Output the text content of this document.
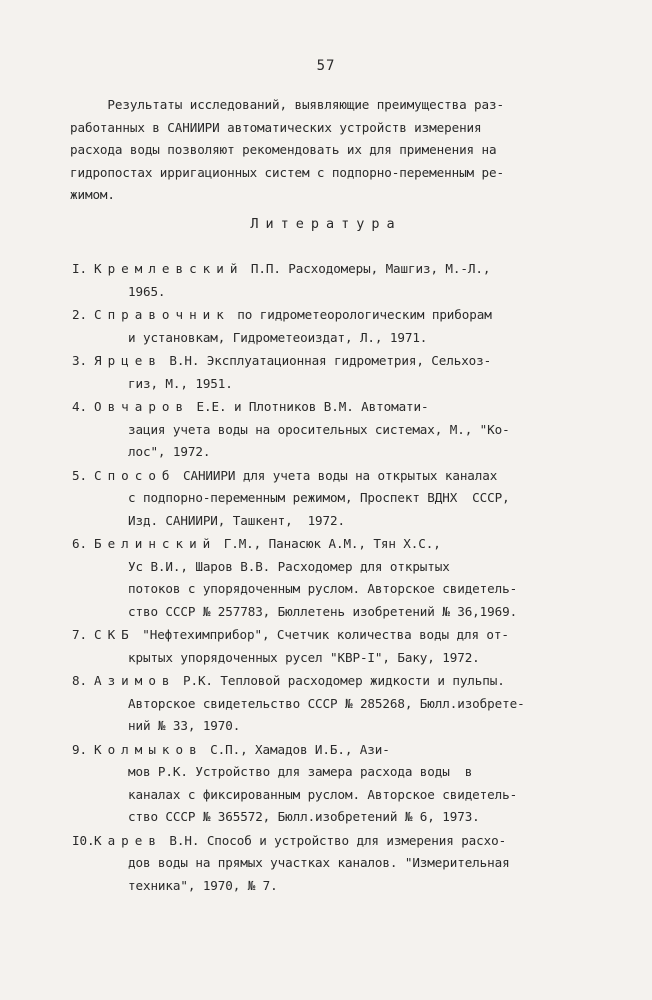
57
Результаты исследований, выявляющие преимущества раз-
работанных в САНИИРИ автоматических устройств измерения
расхода воды позволяют рекомендовать их для применения на
гидропостах ирригационных систем с подпорно-переменным ре-
жимом.
Литература
I. Кремлевский П.П. Расходомеры, Машгиз, М.-Л.,
1965.
2. Справочник по гидрометеорологическим приборам
и установкам, Гидрометеоиздат, Л., 1971.
3. Ярцев В.Н. Эксплуатационная гидрометрия, Сельхоз-
гиз, М., 1951.
4. Овчаров Е.Е. и Плотников В.М. Автомати-
зация учета воды на оросительных системах, М., "Ко-
лос", 1972.
5. Способ САНИИРИ для учета воды на открытых каналах
с подпорно-переменным режимом, Проспект ВДНХ  СССР,
Изд. САНИИРИ, Ташкент,  1972.
6. Белинский Г.М., Панасюк А.М., Тян Х.С.,
Ус В.И., Шаров В.В. Расходомер для открытых
потоков с упорядоченным руслом. Авторское свидетель-
ство СССР № 257783, Бюллетень изобретений № 36,1969.
7. СКБ "Нефтехимприбор", Счетчик количества воды для от-
крытых упорядоченных русел "КВР-I", Баку, 1972.
8. Азимов Р.К. Тепловой расходомер жидкости и пульпы.
Авторское свидетельство СССР № 285268, Бюлл.изобрете-
ний № 33, 1970.
9. Колмыков С.П., Хамадов И.Б., Ази-
мов Р.К. Устройство для замера расхода воды  в
каналах с фиксированным руслом. Авторское свидетель-
ство СССР № 365572, Бюлл.изобретений № 6, 1973.
I0.Карев В.Н. Способ и устройство для измерения расхо-
дов воды на прямых участках каналов. "Измерительная
техника", 1970, № 7.
